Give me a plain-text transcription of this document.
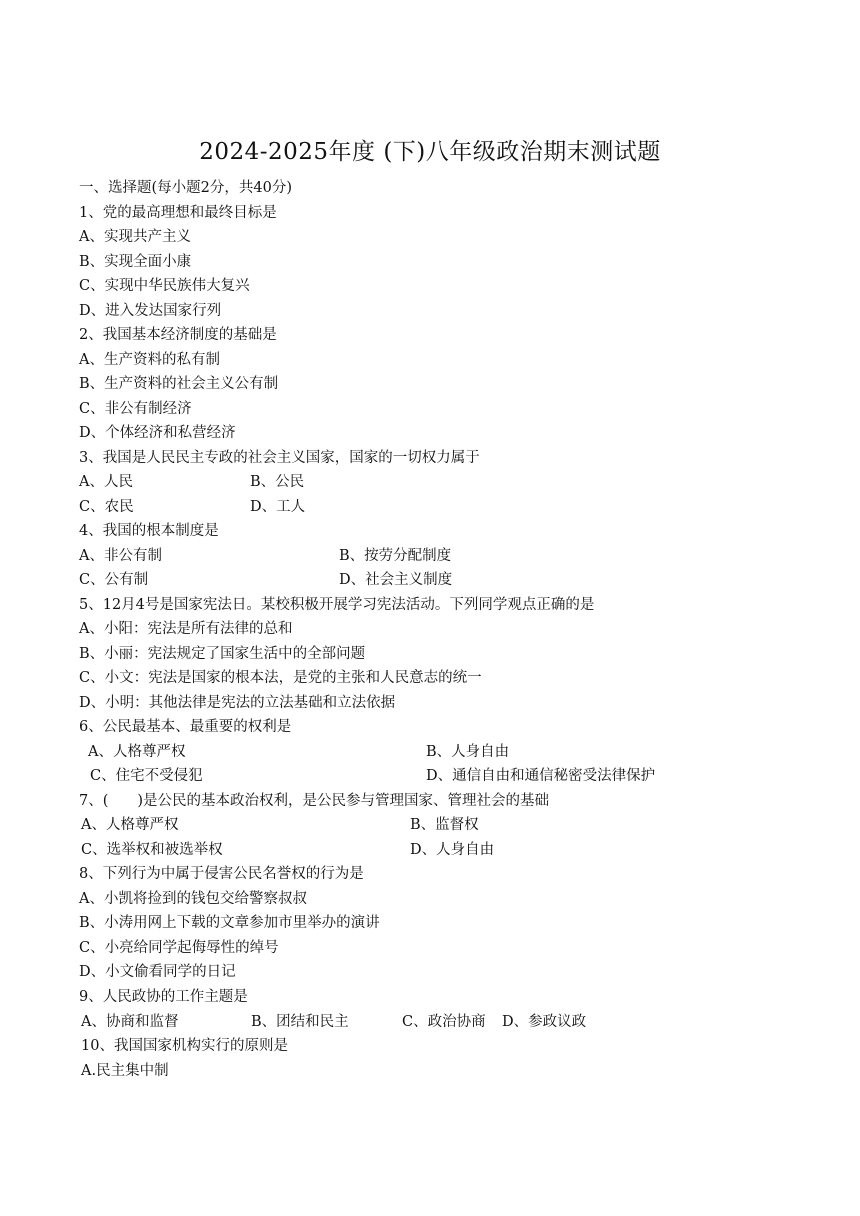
2024-2025年度 (下)八年级政治期末测试题
一、选择题(每小题2分，共40分)
1、党的最高理想和最终目标是
A、实现共产主义
B、实现全面小康
C、实现中华民族伟大复兴
D、进入发达国家行列
2、我国基本经济制度的基础是
A、生产资料的私有制
B、生产资料的社会主义公有制
C、非公有制经济
D、个体经济和私营经济
3、我国是人民民主专政的社会主义国家，国家的一切权力属于
A、人民	B、公民
C、农民	D、工人
4、我国的根本制度是
A、非公有制	B、按劳分配制度
C、公有制	D、社会主义制度
5、12月4号是国家宪法日。某校积极开展学习宪法活动。下列同学观点正确的是
A、小阳：宪法是所有法律的总和
B、小丽：宪法规定了国家生活中的全部问题
C、小文：宪法是国家的根本法，是党的主张和人民意志的统一
D、小明：其他法律是宪法的立法基础和立法依据
6、公民最基本、最重要的权利是
A、人格尊严权	B、人身自由
C、住宅不受侵犯	D、通信自由和通信秘密受法律保护
7、(　　)是公民的基本政治权利，是公民参与管理国家、管理社会的基础
A、人格尊严权	B、监督权
C、选举权和被选举权	D、人身自由
8、下列行为中属于侵害公民名誉权的行为是
A、小凯将捡到的钱包交给警察叔叔
B、小涛用网上下载的文章参加市里举办的演讲
C、小亮给同学起侮辱性的绰号
D、小文偷看同学的日记
9、人民政协的工作主题是
A、协商和监督	B、团结和民主	C、政治协商 D、参政议政
10、我国国家机构实行的原则是
A.民主集中制
